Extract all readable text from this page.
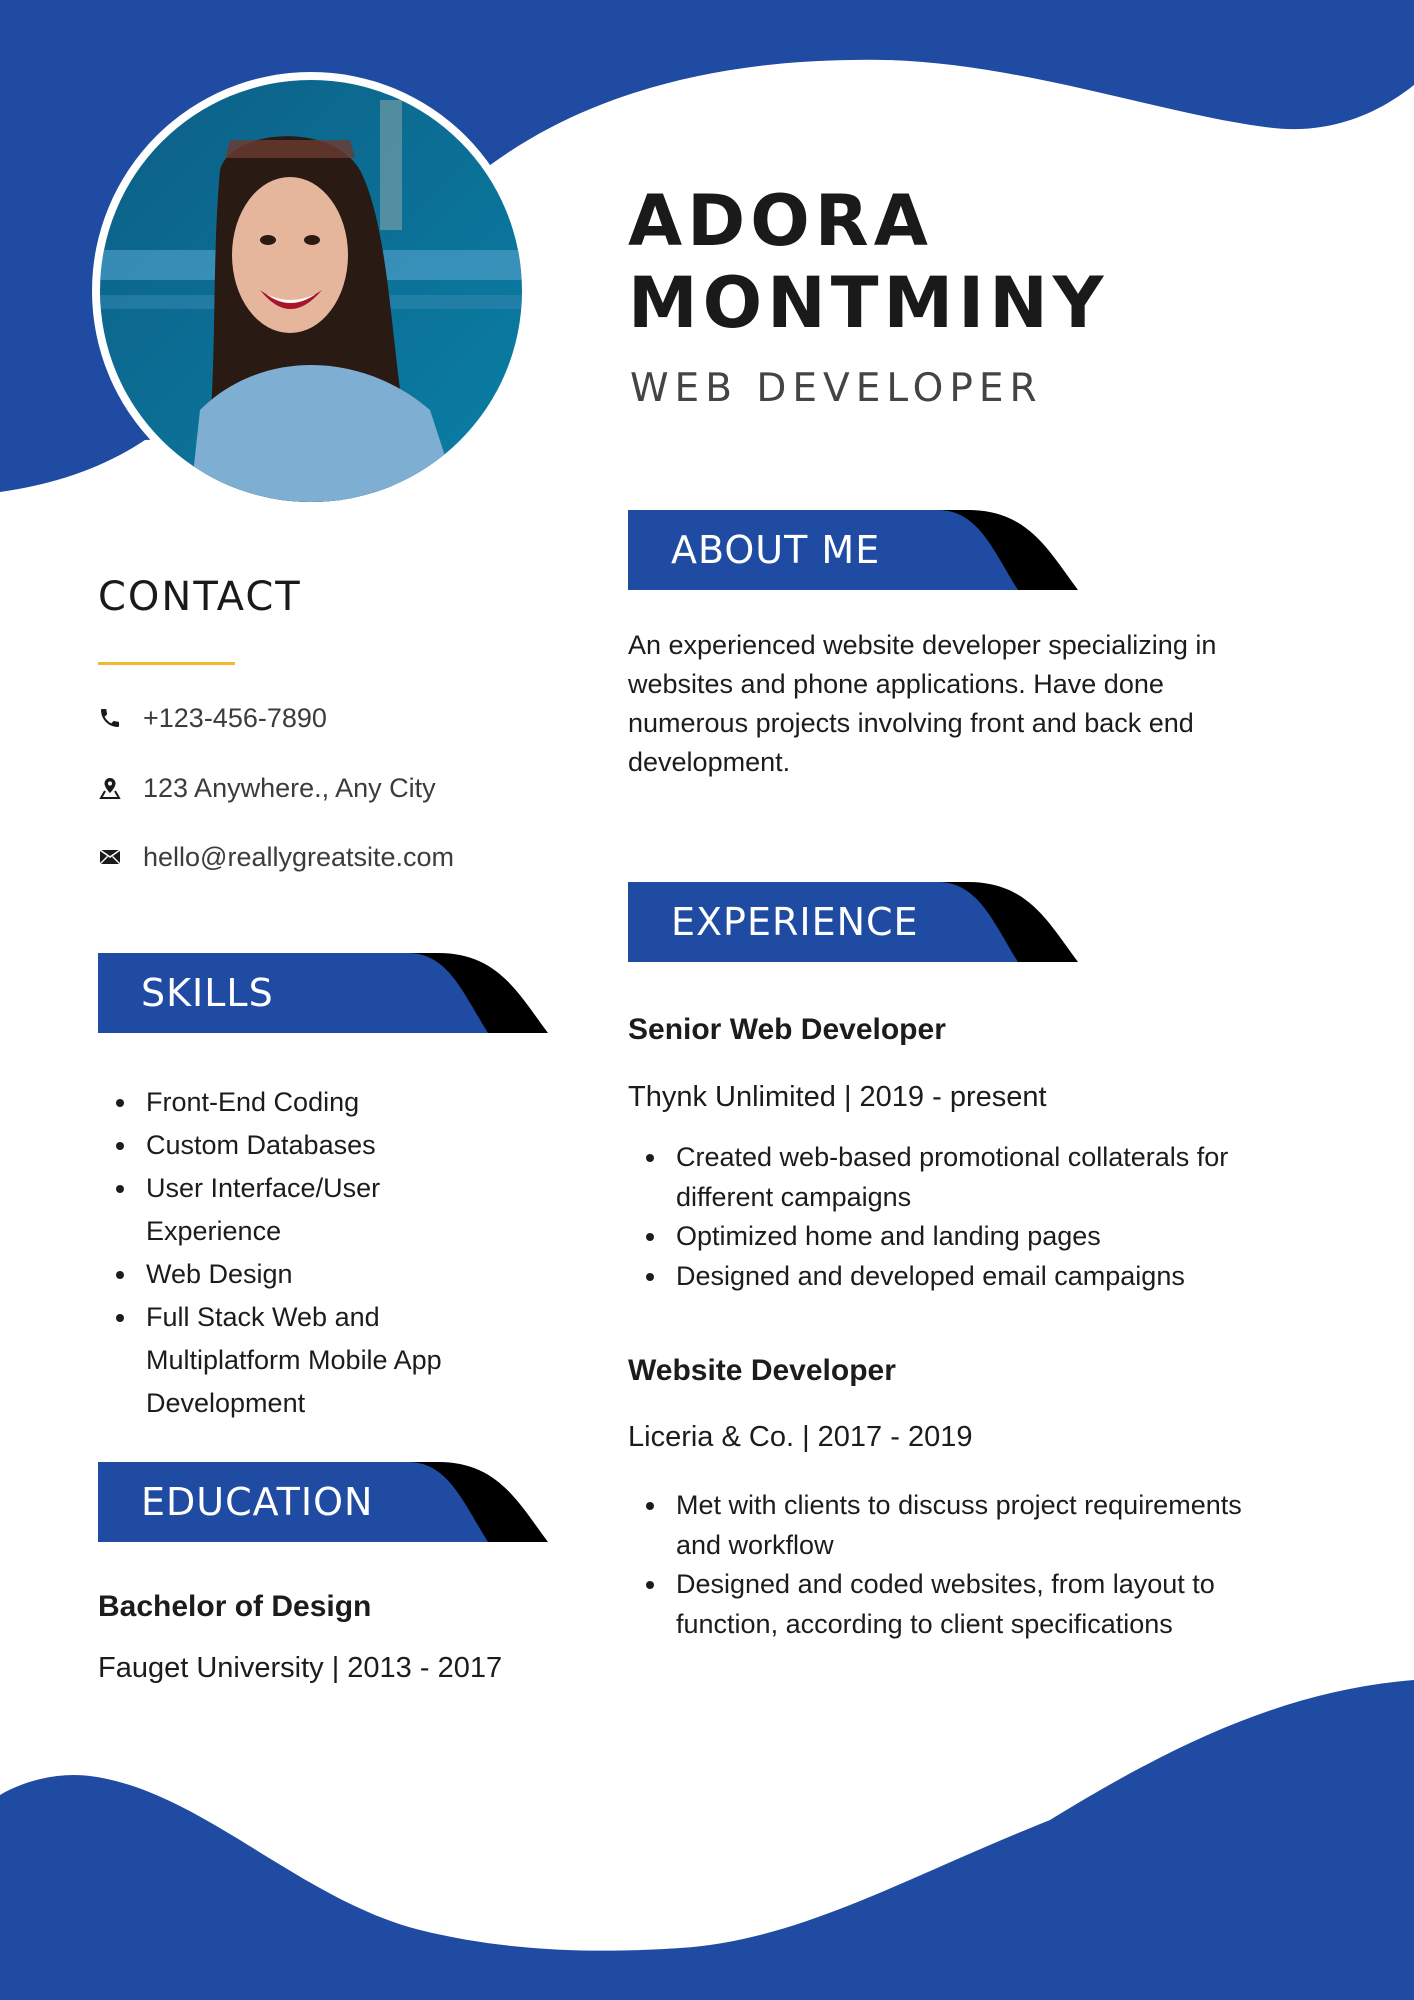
ADORA
MONTMINY
WEB DEVELOPER
CONTACT
+123-456-7890
123 Anywhere., Any City
hello@reallygreatsite.com
SKILLS
Front-End Coding
Custom Databases
User Interface/User Experience
Web Design
Full Stack Web and Multiplatform Mobile App Development
EDUCATION
Bachelor of Design
Fauget University | 2013 - 2017
ABOUT ME

An experienced website developer specializing in websites and phone applications. Have done numerous projects involving front and back end development.

EXPERIENCE
Senior Web Developer
Thynk Unlimited | 2019 - present
Created web-based promotional collaterals for different campaigns
Optimized home and landing pages
Designed and developed email campaigns
Website Developer
Liceria & Co. | 2017 - 2019
Met with clients to discuss project requirements and workflow
Designed and coded websites, from layout to function, according to client specifications
